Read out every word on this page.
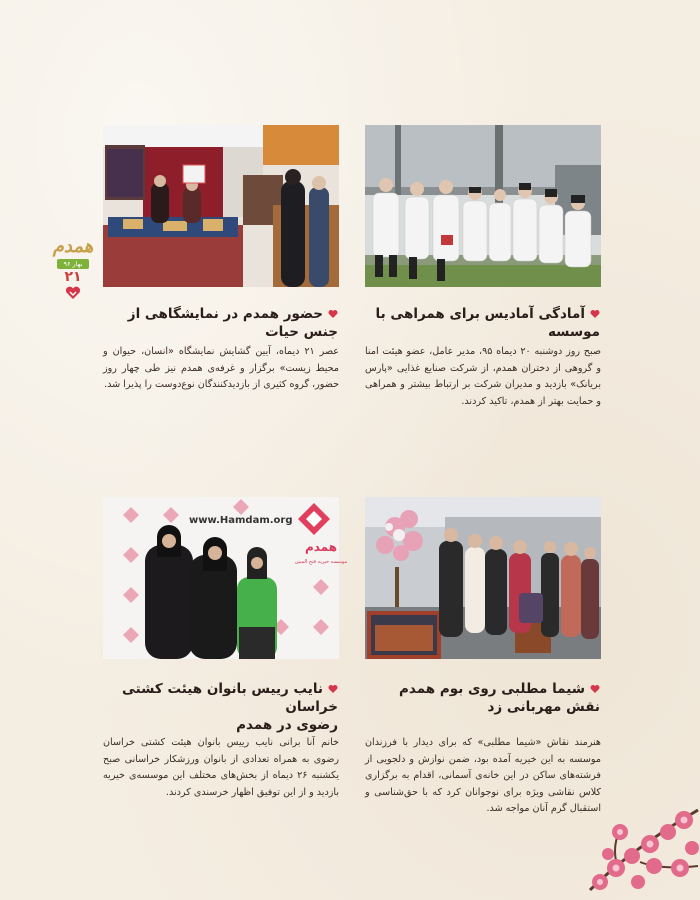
همدم
بهار ۹۶
۲۱
آمادگی آمادیس برای همراهی با موسسه
صبح روز دوشنبه ۲۰ دیماه ۹۵، مدیر عامل، عضو هیئت امنا و گروهی از دختران همدم، از شرکت صنایع غذایی «پارس بریانک» بازدید و مدیران شرکت بر ارتباط بیشتر و همراهی و حمایت بهتر از همدم، تاکید کردند.
حضور همدم در نمایشگاهی از جنس حیات
عصر ۲۱ دیماه، آیین گشایش نمایشگاه «انسان، حیوان و محیط زیست» برگزار و غرفه‌ی همدم نیز طی چهار روز حضور، گروه کثیری از بازدیدکنندگان نوع‌دوست را پذیرا شد.
www.Hamdam.org
همدم
موسسه خیریه فتح المبین
شیما مطلبی روی بوم همدم
نقش مهربانی زد
هنرمند نقاش «شیما مطلبی» که برای دیدار با فرزندان موسسه به این خیریه آمده بود، ضمن نوازش و دلجویی از فرشته‌های ساکن در این خانه‌ی آسمانی، اقدام به برگزاری کلاس نقاشی ویژه برای نوجوانان کرد که با حق‌شناسی و استقبال گرم آنان مواجه شد.
نایب رییس بانوان هیئت کشتی خراسان
رضوی در همدم
خانم آنا برانی نایب رییس بانوان هیئت کشتی خراسان رضوی به همراه تعدادی از بانوان ورزشکار خراسانی صبح یکشنبه ۲۶ دیماه از بخش‌های مختلف این موسسه‌ی خیریه بازدید و از این توفیق اظهار خرسندی کردند.
